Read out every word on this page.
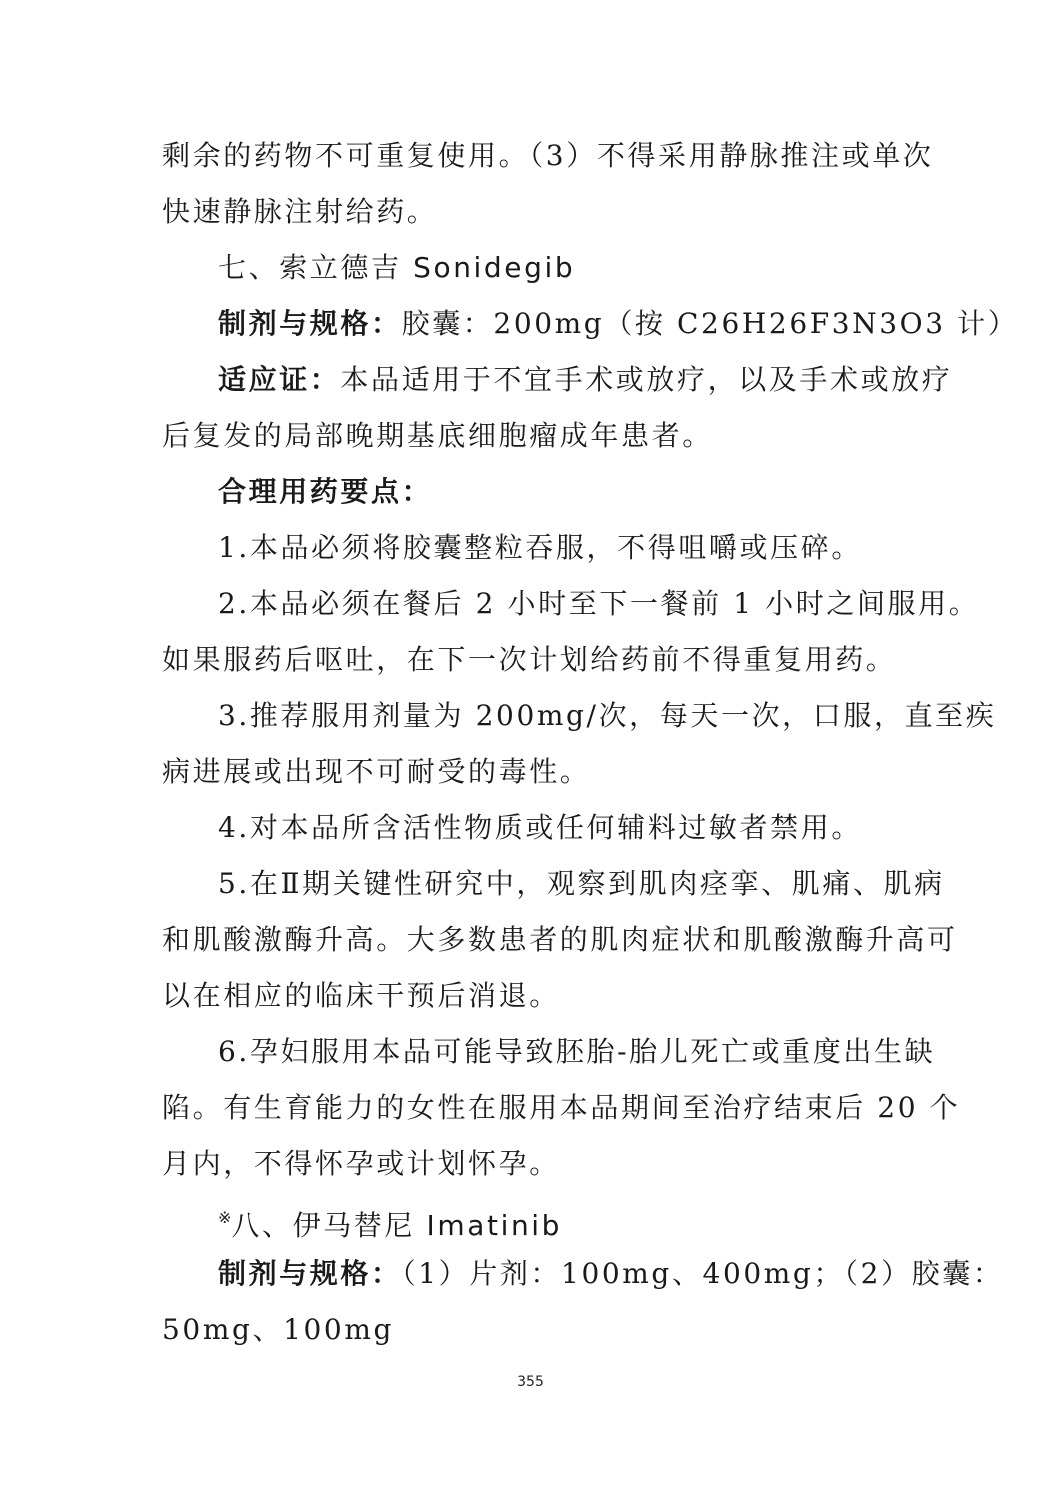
剩余的药物不可重复使用。（3）不得采用静脉推注或单次
快速静脉注射给药。
七、索立德吉 Sonidegib
制剂与规格：胶囊：200mg（按 C26H26F3N3O3 计）
适应证：本品适用于不宜手术或放疗，以及手术或放疗
后复发的局部晚期基底细胞瘤成年患者。
合理用药要点：
1.本品必须将胶囊整粒吞服，不得咀嚼或压碎。
2.本品必须在餐后 2 小时至下一餐前 1 小时之间服用。
如果服药后呕吐，在下一次计划给药前不得重复用药。
3.推荐服用剂量为 200mg/次，每天一次，口服，直至疾
病进展或出现不可耐受的毒性。
4.对本品所含活性物质或任何辅料过敏者禁用。
5.在Ⅱ期关键性研究中，观察到肌肉痉挛、肌痛、肌病
和肌酸激酶升高。大多数患者的肌肉症状和肌酸激酶升高可
以在相应的临床干预后消退。
6.孕妇服用本品可能导致胚胎-胎儿死亡或重度出生缺
陷。有生育能力的女性在服用本品期间至治疗结束后 20 个
月内，不得怀孕或计划怀孕。
※八、伊马替尼 Imatinib
制剂与规格：（1）片剂：100mg、400mg；（2）胶囊：
50mg、100mg
355
